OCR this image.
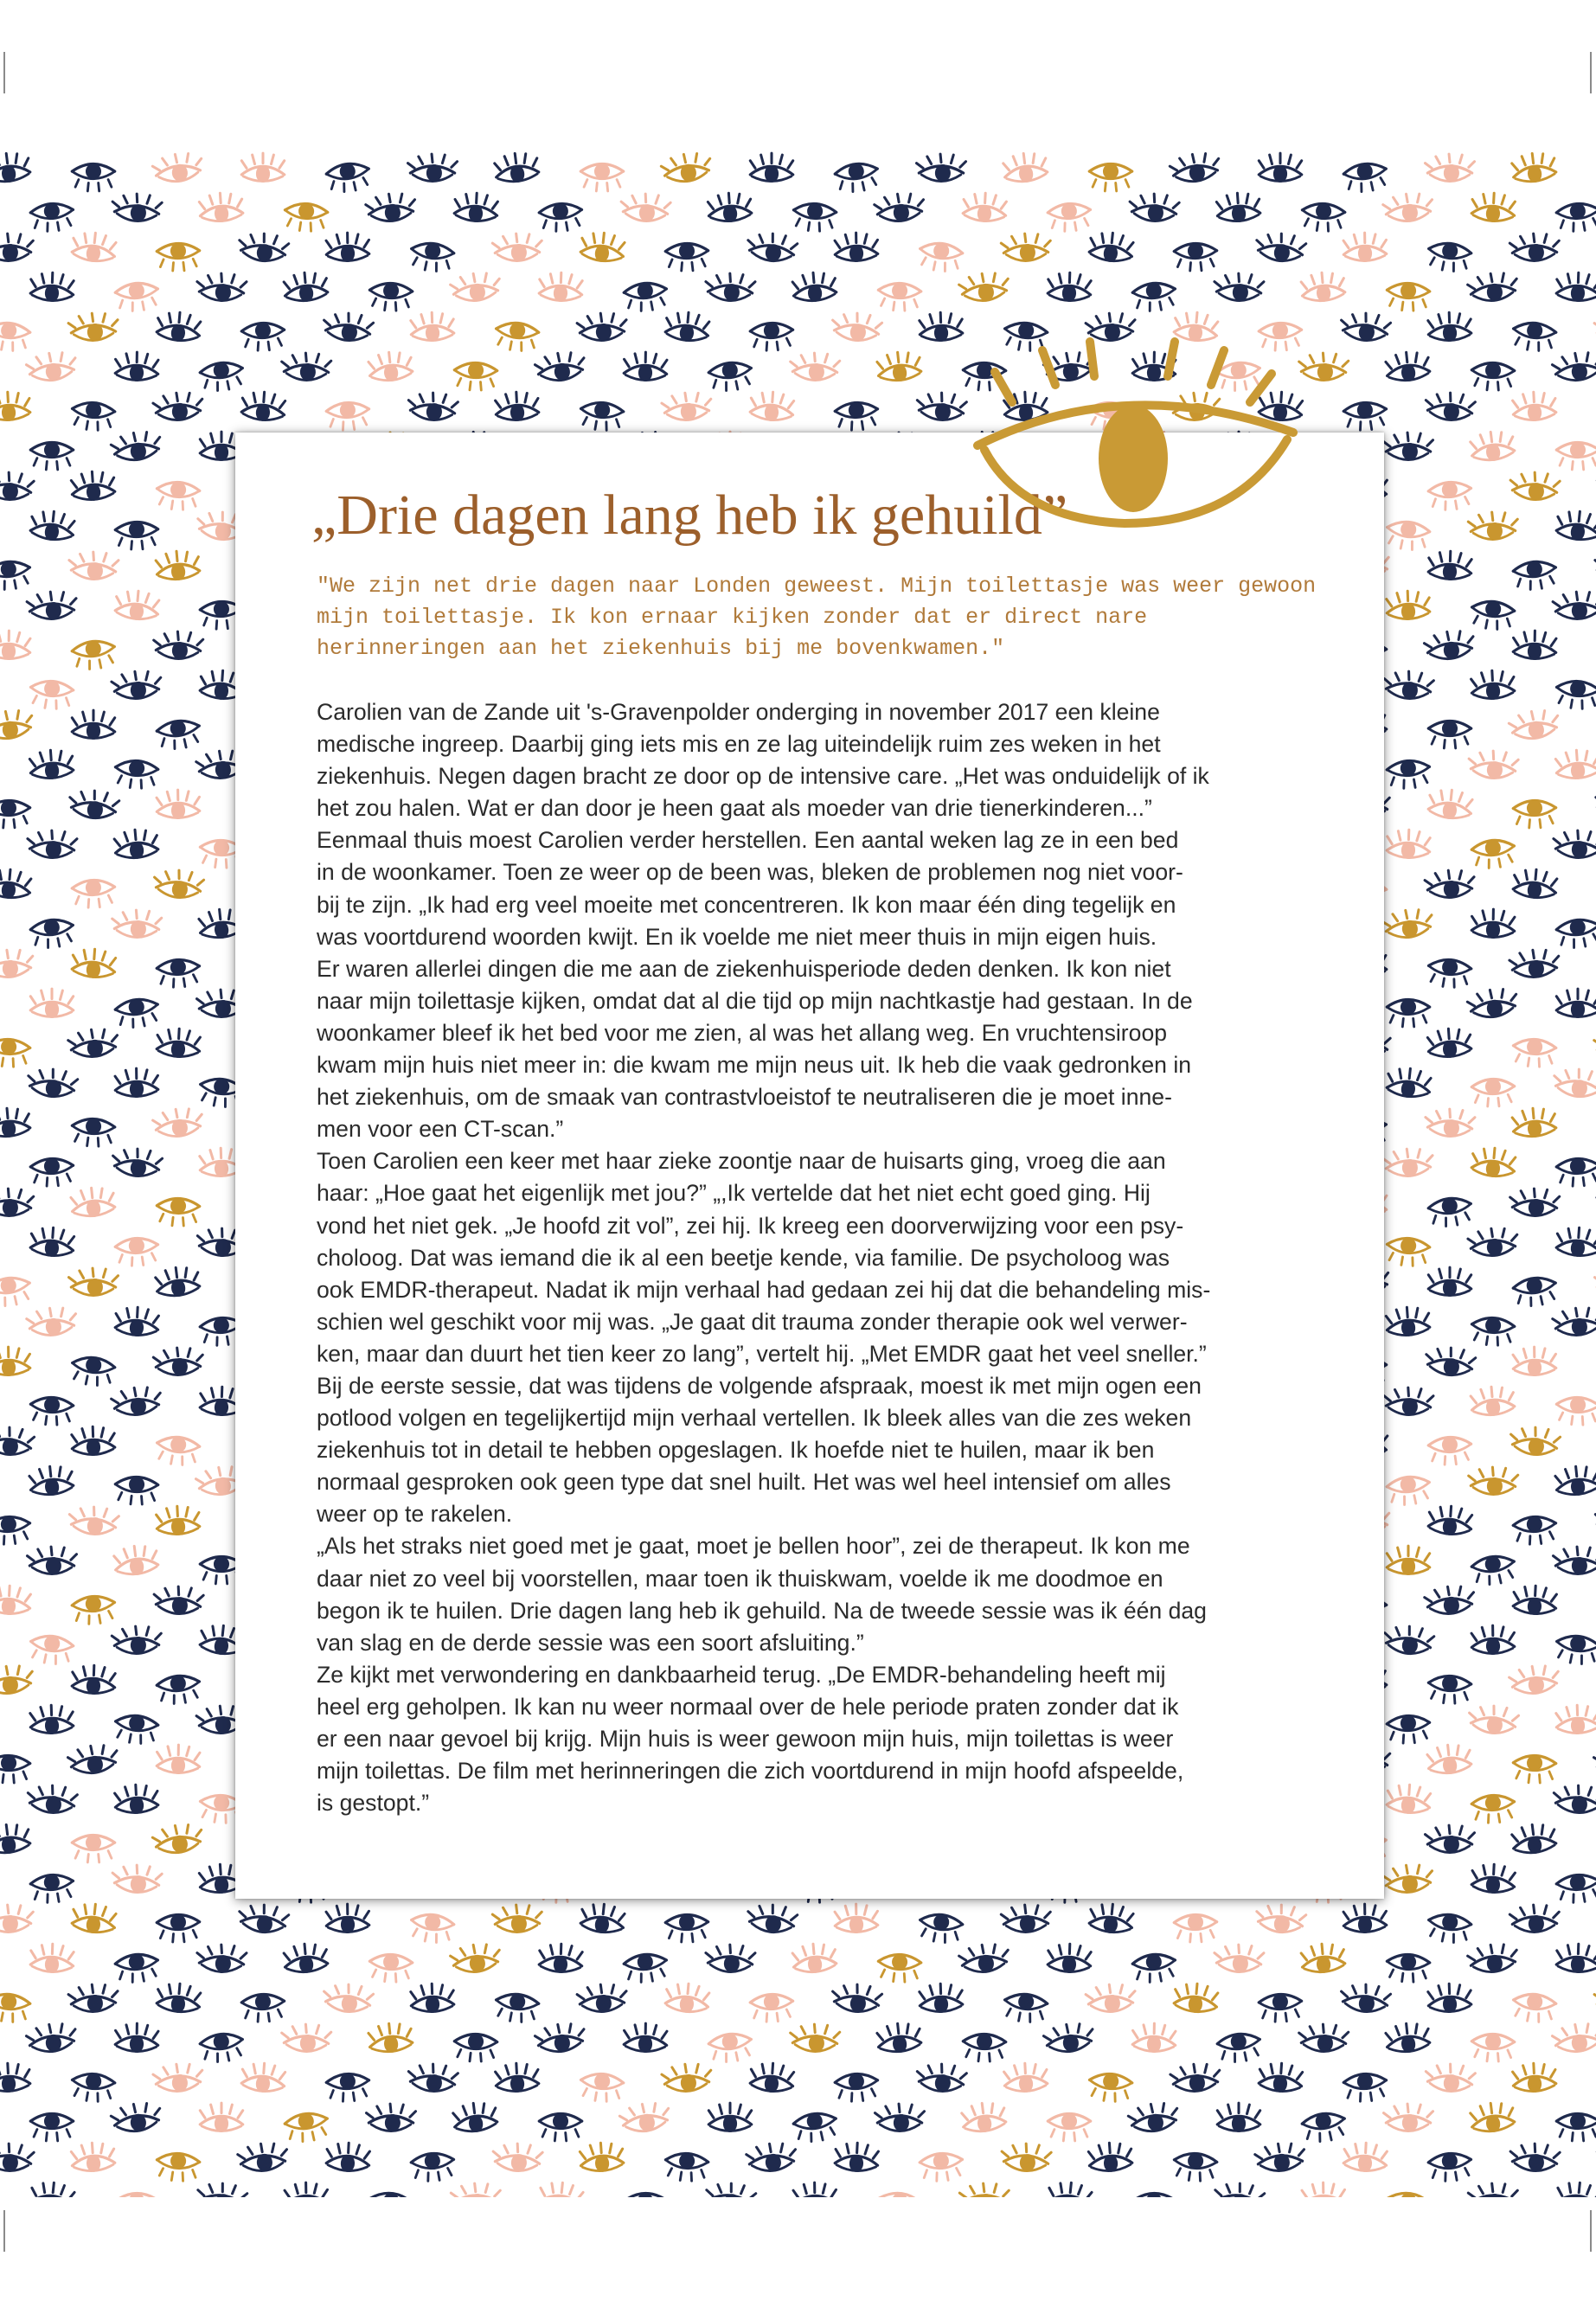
„Drie dagen lang heb ik gehuild”

"We zijn net drie dagen naar Londen geweest. Mijn toilettasje was weer gewoon mijn toilettasje. Ik kon ernaar kijken zonder dat er direct nare herinneringen aan het ziekenhuis bij me bovenkwamen."

Carolien van de Zande uit 's-Gravenpolder onderging in november 2017 een kleine
medische ingreep. Daarbij ging iets mis en ze lag uiteindelijk ruim zes weken in het
ziekenhuis. Negen dagen bracht ze door op de intensive care. „Het was onduidelijk of ik
het zou halen. Wat er dan door je heen gaat als moeder van drie tienerkinderen...”
Eenmaal thuis moest Carolien verder herstellen. Een aantal weken lag ze in een bed
in de woonkamer. Toen ze weer op de been was, bleken de problemen nog niet voor-
bij te zijn. „Ik had erg veel moeite met concentreren. Ik kon maar één ding tegelijk en
was voortdurend woorden kwijt. En ik voelde me niet meer thuis in mijn eigen huis.
Er waren allerlei dingen die me aan de ziekenhuisperiode deden denken. Ik kon niet
naar mijn toilettasje kijken, omdat dat al die tijd op mijn nachtkastje had gestaan. In de
woonkamer bleef ik het bed voor me zien, al was het allang weg. En vruchtensiroop
kwam mijn huis niet meer in: die kwam me mijn neus uit. Ik heb die vaak gedronken in
het ziekenhuis, om de smaak van contrastvloeistof te neutraliseren die je moet inne-
men voor een CT-scan.”
Toen Carolien een keer met haar zieke zoontje naar de huisarts ging, vroeg die aan
haar: „Hoe gaat het eigenlijk met jou?” „,Ik vertelde dat het niet echt goed ging. Hij
vond het niet gek. „Je hoofd zit vol”, zei hij. Ik kreeg een doorverwijzing voor een psy-
choloog. Dat was iemand die ik al een beetje kende, via familie. De psycholoog was
ook EMDR-therapeut. Nadat ik mijn verhaal had gedaan zei hij dat die behandeling mis-
schien wel geschikt voor mij was. „Je gaat dit trauma zonder therapie ook wel verwer-
ken, maar dan duurt het tien keer zo lang”, vertelt hij. „Met EMDR gaat het veel sneller.”
Bij de eerste sessie, dat was tijdens de volgende afspraak, moest ik met mijn ogen een
potlood volgen en tegelijkertijd mijn verhaal vertellen. Ik bleek alles van die zes weken
ziekenhuis tot in detail te hebben opgeslagen. Ik hoefde niet te huilen, maar ik ben
normaal gesproken ook geen type dat snel huilt. Het was wel heel intensief om alles
weer op te rakelen.
„Als het straks niet goed met je gaat, moet je bellen hoor”, zei de therapeut. Ik kon me
daar niet zo veel bij voorstellen, maar toen ik thuiskwam, voelde ik me doodmoe en
begon ik te huilen. Drie dagen lang heb ik gehuild. Na de tweede sessie was ik één dag
van slag en de derde sessie was een soort afsluiting.”
Ze kijkt met verwondering en dankbaarheid terug. „De EMDR-behandeling heeft mij
heel erg geholpen. Ik kan nu weer normaal over de hele periode praten zonder dat ik
er een naar gevoel bij krijg. Mijn huis is weer gewoon mijn huis, mijn toilettas is weer
mijn toilettas. De film met herinneringen die zich voortdurend in mijn hoofd afspeelde,
is gestopt.”
